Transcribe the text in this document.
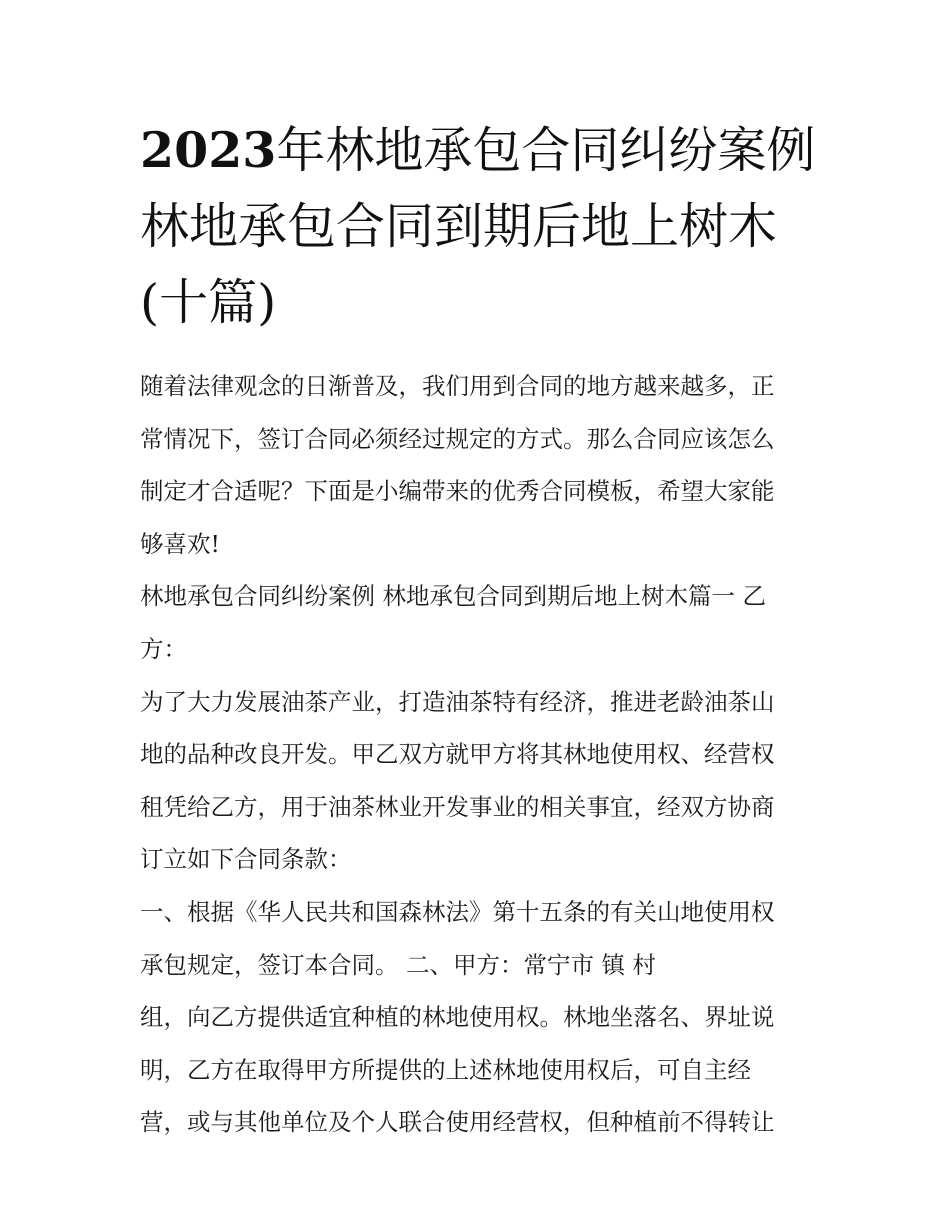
2023年林地承包合同纠纷案例
林地承包合同到期后地上树木
(十篇)
随着法律观念的日渐普及，我们用到合同的地方越来越多，正
常情况下，签订合同必须经过规定的方式。那么合同应该怎么
制定才合适呢？下面是小编带来的优秀合同模板，希望大家能
够喜欢!
林地承包合同纠纷案例 林地承包合同到期后地上树木篇一 乙
方：
为了大力发展油茶产业，打造油茶特有经济，推进老龄油茶山
地的品种改良开发。甲乙双方就甲方将其林地使用权、经营权
租凭给乙方，用于油茶林业开发事业的相关事宜，经双方协商
订立如下合同条款：
一、根据《华人民共和国森林法》第十五条的有关山地使用权
承包规定，签订本合同。 二、甲方：常宁市 镇 村
组，向乙方提供适宜种植的林地使用权。林地坐落名、界址说
明，乙方在取得甲方所提供的上述林地使用权后，可自主经
营，或与其他单位及个人联合使用经营权，但种植前不得转让
